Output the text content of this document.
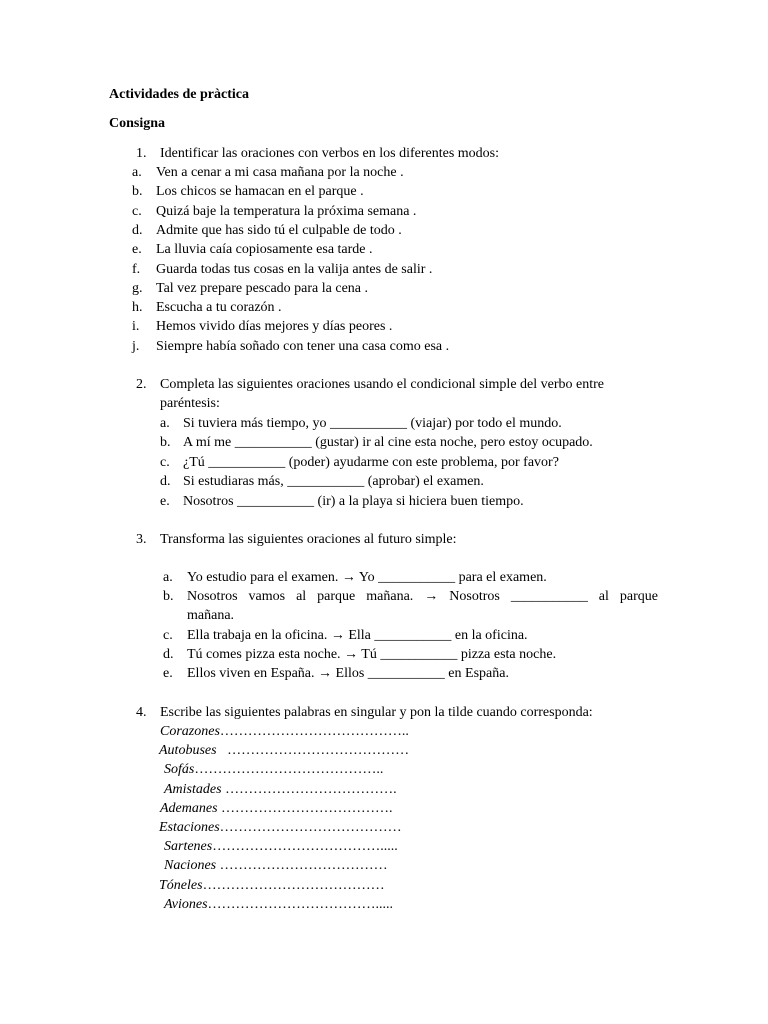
Actividades de pràctica
Consigna
1. Identificar las oraciones con verbos en los diferentes modos:
a. Ven a cenar a mi casa mañana por la noche .
b. Los chicos se hamacan en el parque .
c. Quizá baje la temperatura la próxima semana .
d. Admite que has sido tú el culpable de todo .
e. La lluvia caía copiosamente esa tarde .
f. Guarda todas tus cosas en la valija antes de salir .
g. Tal vez prepare pescado para la cena .
h. Escucha a tu corazón .
i. Hemos vivido días mejores y días peores .
j. Siempre había soñado con tener una casa como esa .
2. Completa las siguientes oraciones usando el condicional simple del verbo entre
paréntesis:
a. Si tuviera más tiempo, yo ___________ (viajar) por todo el mundo.
b. A mí me ___________ (gustar) ir al cine esta noche, pero estoy ocupado.
c. ¿Tú ___________ (poder) ayudarme con este problema, por favor?
d. Si estudiaras más, ___________ (aprobar) el examen.
e. Nosotros ___________ (ir) a la playa si hiciera buen tiempo.
3. Transforma las siguientes oraciones al futuro simple:
a. Yo estudio para el examen. → Yo ___________ para el examen.
b. Nosotros vamos al parque mañana. → Nosotros ___________ al parque
mañana.
c. Ella trabaja en la oficina. → Ella ___________ en la oficina.
d. Tú comes pizza esta noche. → Tú ___________ pizza esta noche.
e. Ellos viven en España. → Ellos ___________ en España.
4. Escribe las siguientes palabras en singular y pon la tilde cuando corresponda:
Corazones…………………………………..
Autobuses   …………………………………
Sofás…………………………………..
Amistades ……………………………….
Ademanes ……………………………….
Estaciones…………………………………
Sartenes……………………………….....
Naciones ………………………………
Tóneles…………………………………
Aviones……………………………….....
